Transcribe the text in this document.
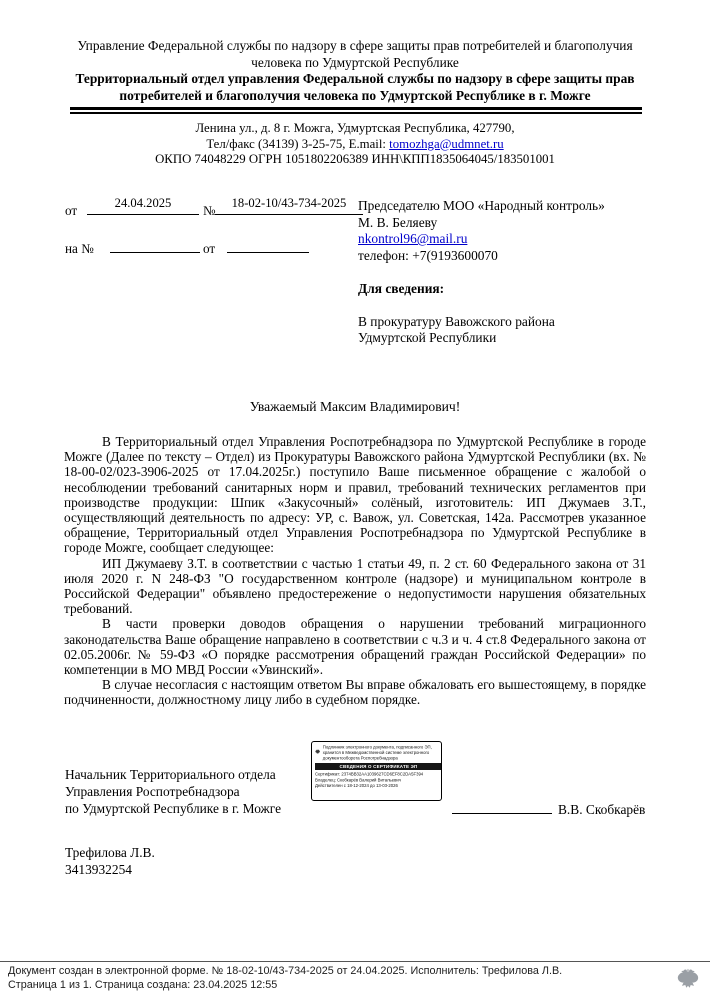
Управление Федеральной службы по надзору в сфере защиты прав потребителей и благополучия человека по Удмуртской Республике
Территориальный отдел управления Федеральной службы по надзору в сфере защиты прав потребителей и благополучия человека по Удмуртской Республике в г. Можге
Ленина ул., д. 8 г. Можга, Удмуртская Республика, 427790,
Тел/факс (34139) 3-25-75, E.mail: tomozhga@udmnet.ru
ОКПО 74048229 ОГРН 1051802206389 ИНН\КПП1835064045/183501001
от	24.04.2025	№	18-02-10/43-734-2025
на №	от
Председателю МОО «Народный контроль»
М. В. Беляеву
nkontrol96@mail.ru
телефон: +7(9193600070
Для сведения:
В прокуратуру Вавожского района
Удмуртской Республики
Уважаемый Максим Владимирович!

В Территориальный отдел Управления Роспотребнадзора по Удмуртской Республике в городе Можге (Далее по тексту – Отдел) из Прокуратуры Вавожского района Удмуртской Республики (вх. № 18-00-02/023-3906-2025 от 17.04.2025г.) поступило Ваше письменное обращение с жалобой о несоблюдении требований санитарных норм и правил, требований технических регламентов при производстве продукции: Шпик «Закусочный» солёный, изготовитель: ИП Джумаев З.Т., осуществляющий деятельность по адресу: УР, с. Вавож, ул. Советская, 142а. Рассмотрев указанное обращение, Территориальный отдел Управления Роспотребнадзора по Удмуртской Республике в городе Можге, сообщает следующее:

ИП Джумаеву З.Т. в соответствии с частью 1 статьи 49, п. 2 ст. 60 Федерального закона от 31 июля 2020 г. N 248-ФЗ "О государственном контроле (надзоре) и муниципальном контроле в Российской Федерации" объявлено предостережение о недопустимости нарушения обязательных требований.

В части проверки доводов обращения о нарушении требований миграционного законодательства Ваше обращение направлено в соответствии с ч.3 и ч. 4 ст.8 Федерального закона от 02.05.2006г. № 59-ФЗ «О порядке рассмотрения обращений граждан Российской Федерации» по компетенции в МО МВД России «Увинский».

В случае несогласия с настоящим ответом Вы вправе обжаловать его вышестоящему, в порядке подчиненности, должностному лицу либо в судебном порядке.

Начальник Территориального отдела
Управления Роспотребнадзора
по Удмуртской Республике в г. Можге
Подлинник электронного документа, подписанного ЭП, хранится в Межведомственной системе электронного документооборота Роспотребнадзора
СВЕДЕНИЯ О СЕРТИФИКАТЕ ЭП
Сертификат: 2374BB32AA1039627CD6EF8C2DA5F394
Владелец: Скобкарёв Валерий Витальевич
Действителен с 18-12-2024 до 13-03-2026
В.В. Скобкарёв
Трефилова Л.В.
3413932254
Документ создан в электронной форме. № 18-02-10/43-734-2025 от 24.04.2025. Исполнитель: Трефилова Л.В.
Страница 1 из 1. Страница создана: 23.04.2025 12:55
